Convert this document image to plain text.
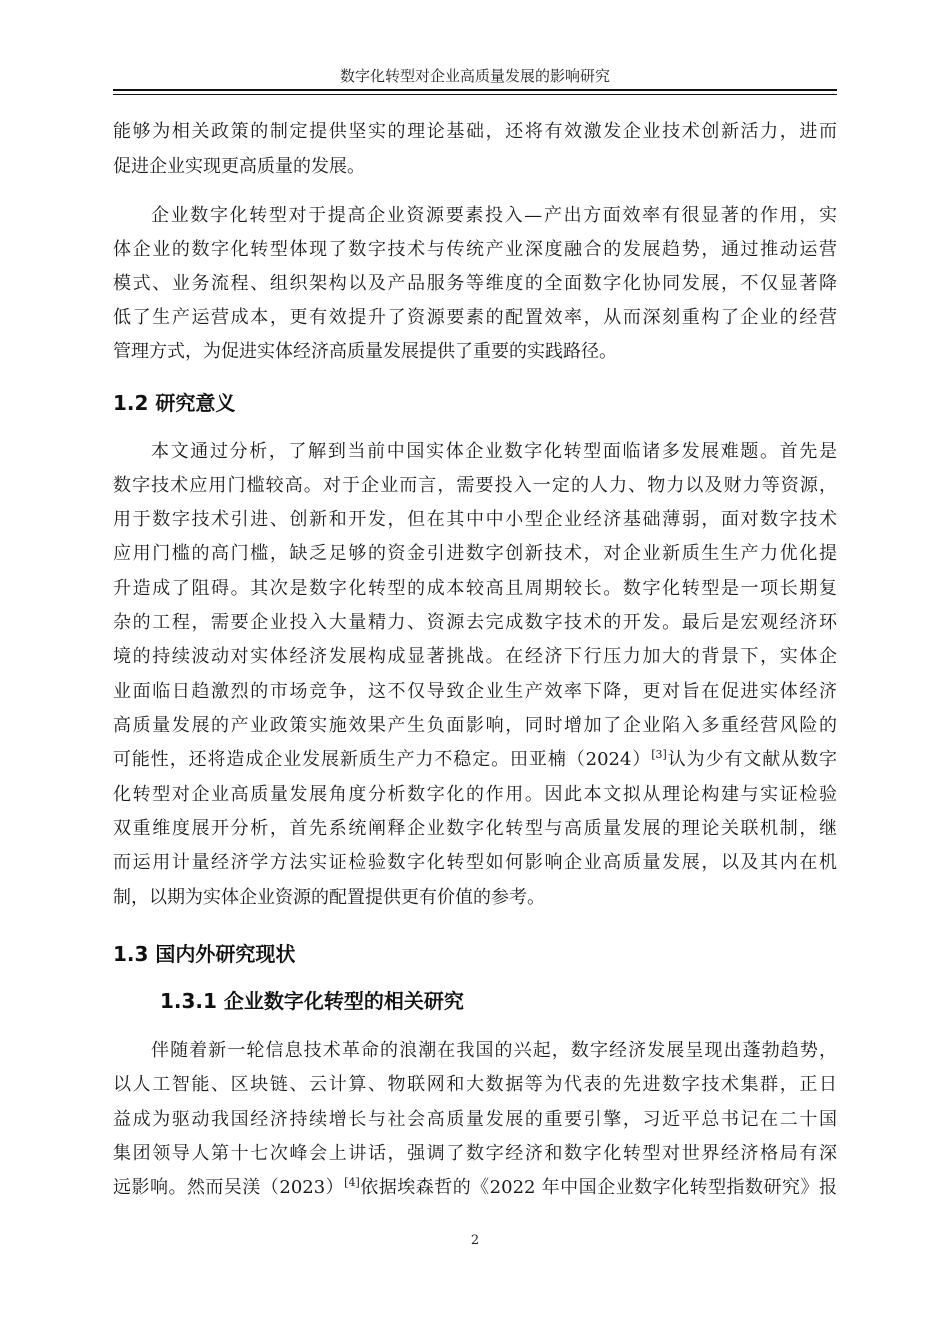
数字化转型对企业高质量发展的影响研究
能够为相关政策的制定提供坚实的理论基础，还将有效激发企业技术创新活力，进而
促进企业实现更高质量的发展。
企业数字化转型对于提高企业资源要素投入—产出方面效率有很显著的作用，实
体企业的数字化转型体现了数字技术与传统产业深度融合的发展趋势，通过推动运营
模式、业务流程、组织架构以及产品服务等维度的全面数字化协同发展，不仅显著降
低了生产运营成本，更有效提升了资源要素的配置效率，从而深刻重构了企业的经营
管理方式，为促进实体经济高质量发展提供了重要的实践路径。
1.2 研究意义
本文通过分析，了解到当前中国实体企业数字化转型面临诸多发展难题。首先是
数字技术应用门槛较高。对于企业而言，需要投入一定的人力、物力以及财力等资源，
用于数字技术引进、创新和开发，但在其中中小型企业经济基础薄弱，面对数字技术
应用门槛的高门槛，缺乏足够的资金引进数字创新技术，对企业新质生生产力优化提
升造成了阻碍。其次是数字化转型的成本较高且周期较长。数字化转型是一项长期复
杂的工程，需要企业投入大量精力、资源去完成数字技术的开发。最后是宏观经济环
境的持续波动对实体经济发展构成显著挑战。在经济下行压力加大的背景下，实体企
业面临日趋激烈的市场竞争，这不仅导致企业生产效率下降，更对旨在促进实体经济
高质量发展的产业政策实施效果产生负面影响，同时增加了企业陷入多重经营风险的
可能性，还将造成企业发展新质生产力不稳定。田亚楠（2024）[3]认为少有文献从数字
化转型对企业高质量发展角度分析数字化的作用。因此本文拟从理论构建与实证检验
双重维度展开分析，首先系统阐释企业数字化转型与高质量发展的理论关联机制，继
而运用计量经济学方法实证检验数字化转型如何影响企业高质量发展，以及其内在机
制，以期为实体企业资源的配置提供更有价值的参考。
1.3 国内外研究现状
1.3.1 企业数字化转型的相关研究
伴随着新一轮信息技术革命的浪潮在我国的兴起，数字经济发展呈现出蓬勃趋势，
以人工智能、区块链、云计算、物联网和大数据等为代表的先进数字技术集群，正日
益成为驱动我国经济持续增长与社会高质量发展的重要引擎，习近平总书记在二十国
集团领导人第十七次峰会上讲话，强调了数字经济和数字化转型对世界经济格局有深
远影响。然而吴渼（2023）[4]依据埃森哲的《2022 年中国企业数字化转型指数研究》报
2
